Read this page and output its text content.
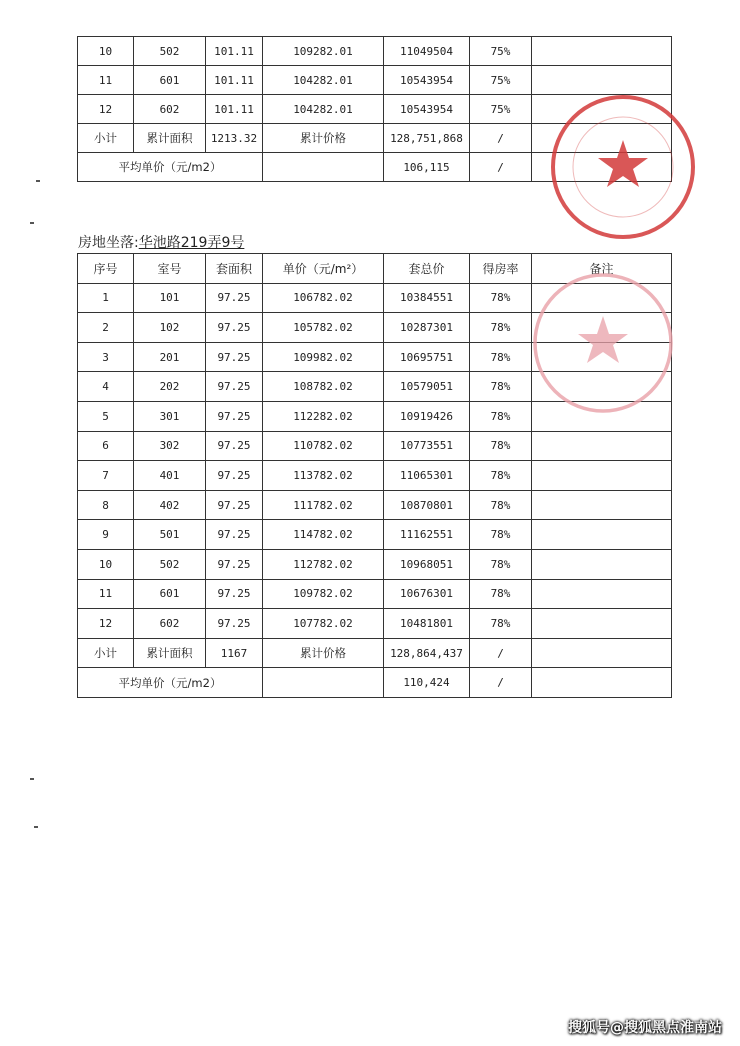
10	502	101.11	109282.01	11049504	75%	
11	601	101.11	104282.01	10543954	75%	
12	602	101.11	104282.01	10543954	75%	
小计	累计面积	1213.32	累计价格	128,751,868	/	
平均单价（元/m2）				106,115	/	
房地坐落:华池路219弄9号
序号	室号	套面积	单价（元/m²）	套总价	得房率	备注
1	101	97.25	106782.02	10384551	78%	
2	102	97.25	105782.02	10287301	78%	
3	201	97.25	109982.02	10695751	78%	
4	202	97.25	108782.02	10579051	78%	
5	301	97.25	112282.02	10919426	78%	
6	302	97.25	110782.02	10773551	78%	
7	401	97.25	113782.02	11065301	78%	
8	402	97.25	111782.02	10870801	78%	
9	501	97.25	114782.02	11162551	78%	
10	502	97.25	112782.02	10968051	78%	
11	601	97.25	109782.02	10676301	78%	
12	602	97.25	107782.02	10481801	78%	
小计	累计面积	1167	累计价格	128,864,437	/	
平均单价（元/m2）				110,424	/	
搜狐号@搜狐黑点淮南站
